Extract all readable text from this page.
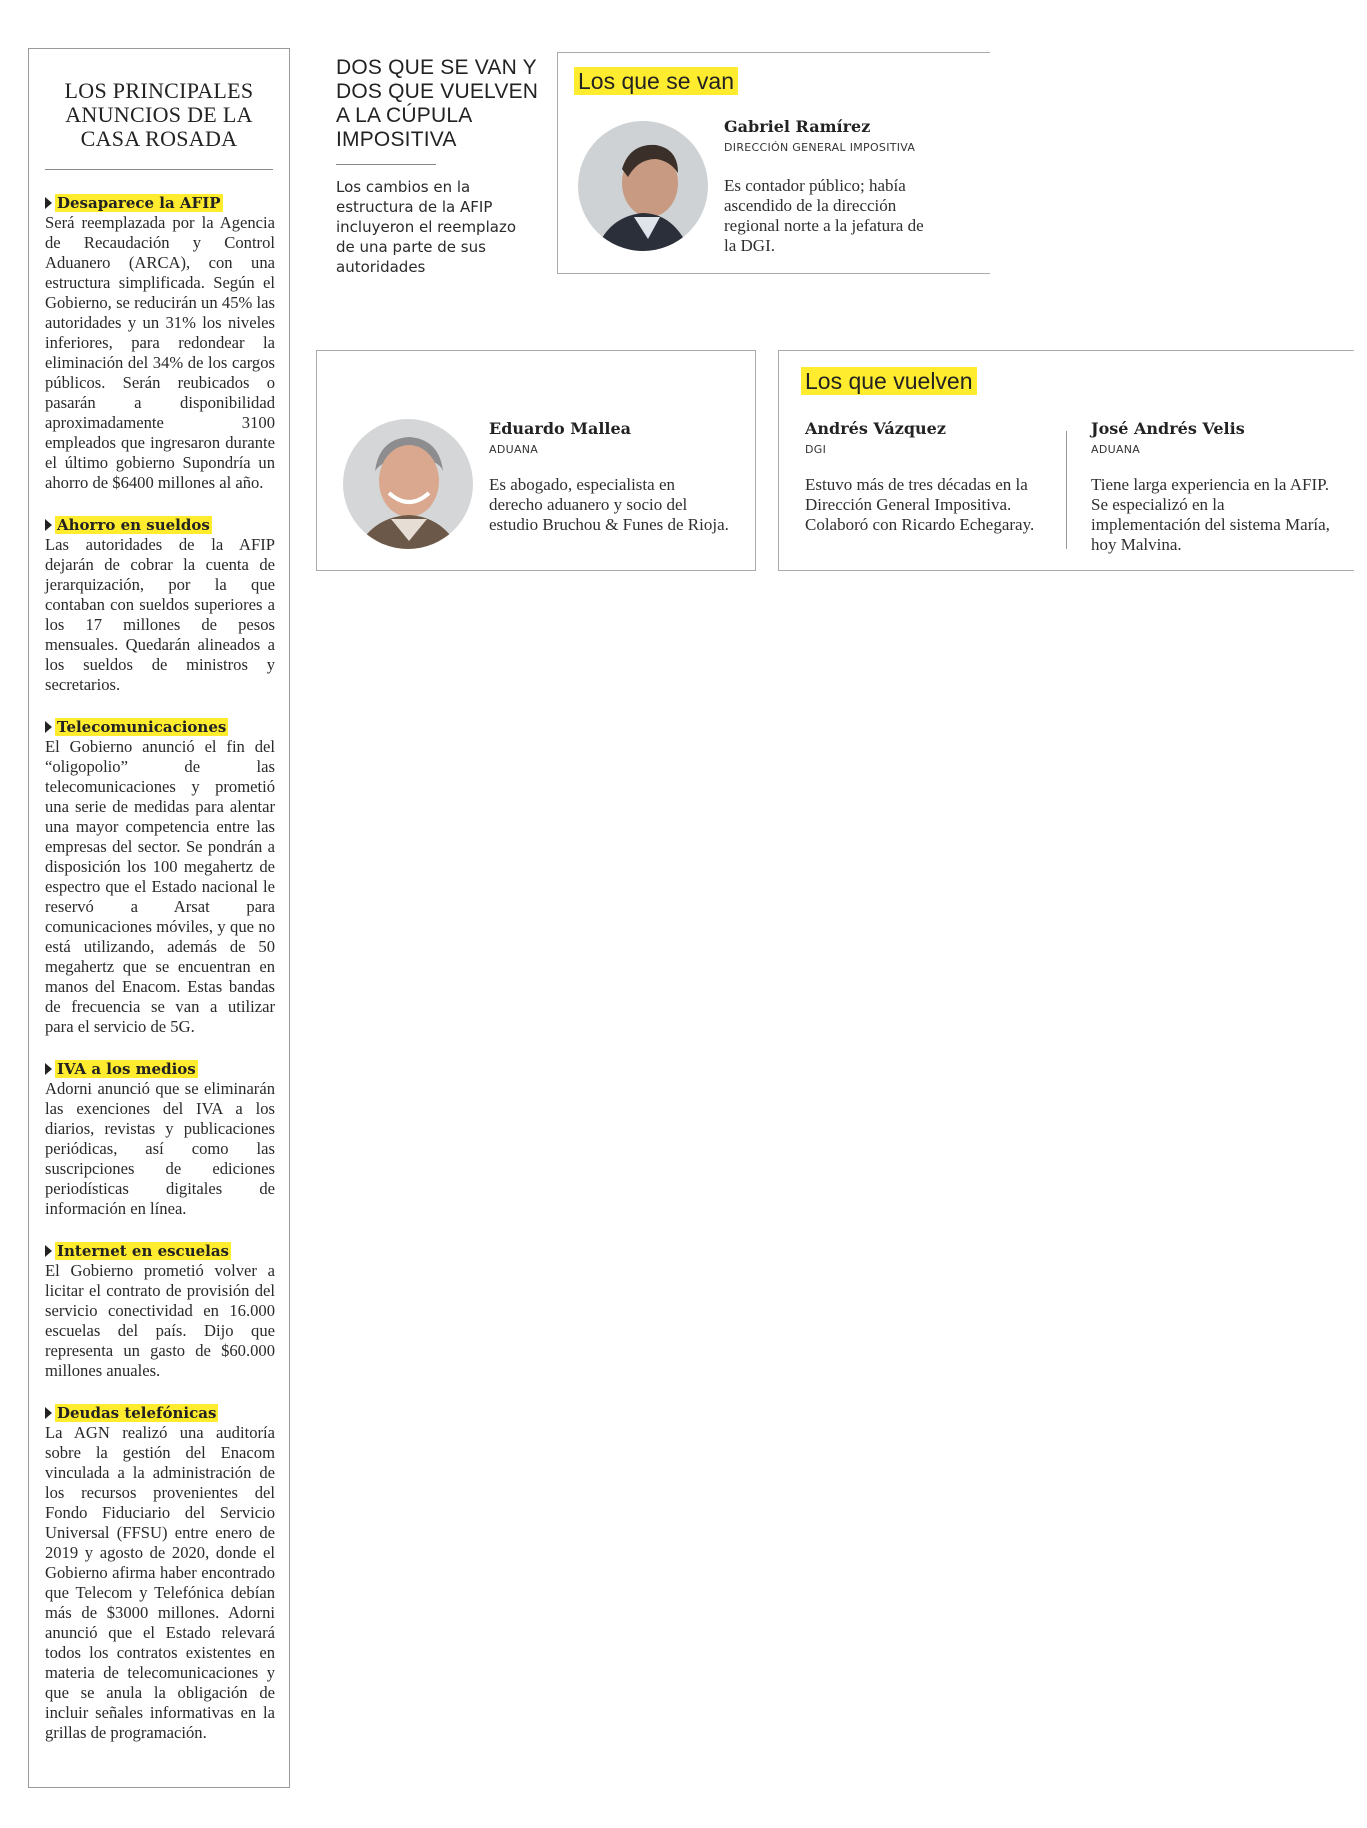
LOS PRINCIPALES ANUNCIOS DE LA CASA ROSADA
Desaparece la AFIP

Será reemplazada por la Agencia de Recaudación y Control Aduanero (ARCA), con una estructura simplificada. Según el Gobierno, se reducirán un 45% las autoridades y un 31% los niveles inferiores, para redondear la eliminación del 34% de los cargos públicos. Serán reubicados o pasarán a disponibilidad aproximadamente 3100 empleados que ingresaron durante el último gobierno Supondría un ahorro de $6400 millones al año.

Ahorro en sueldos

Las autoridades de la AFIP dejarán de cobrar la cuenta de jerarquización, por la que contaban con sueldos superiores a los 17 millones de pesos mensuales. Quedarán alineados a los sueldos de ministros y secretarios.

Telecomunicaciones

El Gobierno anunció el fin del “oligopolio” de las telecomunicaciones y prometió una serie de medidas para alentar una mayor competencia entre las empresas del sector. Se pondrán a disposición los 100 megahertz de espectro que el Estado nacional le reservó a Arsat para comunicaciones móviles, y que no está utilizando, además de 50 megahertz que se encuentran en manos del Enacom. Estas bandas de frecuencia se van a utilizar para el servicio de 5G.

IVA a los medios

Adorni anunció que se eliminarán las exenciones del IVA a los diarios, revistas y publicaciones periódicas, así como las suscripciones de ediciones periodísticas digitales de información en línea.

Internet en escuelas

El Gobierno prometió volver a licitar el contrato de provisión del servicio conectividad en 16.000 escuelas del país. Dijo que representa un gasto de $60.000 millones anuales.

Deudas telefónicas

La AGN realizó una auditoría sobre la gestión del Enacom vinculada a la administración de los recursos provenientes del Fondo Fiduciario del Servicio Universal (FFSU) entre enero de 2019 y agosto de 2020, donde el Gobierno afirma haber encontrado que Telecom y Telefónica debían más de $3000 millones. Adorni anunció que el Estado relevará todos los contratos existentes en materia de telecomunicaciones y que se anula la obligación de incluir señales informativas en la grillas de programación.

DOS QUE SE VAN Y DOS QUE VUELVEN A LA CÚPULA IMPOSITIVA

Los cambios en la estructura de la AFIP incluyeron el reemplazo de una parte de sus autoridades

Los que se van

Gabriel Ramírez

DIRECCIÓN GENERAL IMPOSITIVA

Es contador público; había ascendido de la dirección regional norte a la jefatura de la DGI.

Eduardo Mallea

ADUANA

Es abogado, especialista en derecho aduanero y socio del estudio Bruchou & Funes de Rioja.

Los que vuelven

Andrés Vázquez

DGI

Estuvo más de tres décadas en la Dirección General Impositiva. Colaboró con Ricardo Echegaray.

José Andrés Velis

ADUANA

Tiene larga experiencia en la AFIP. Se especializó en la implementación del sistema María, hoy Malvina.
